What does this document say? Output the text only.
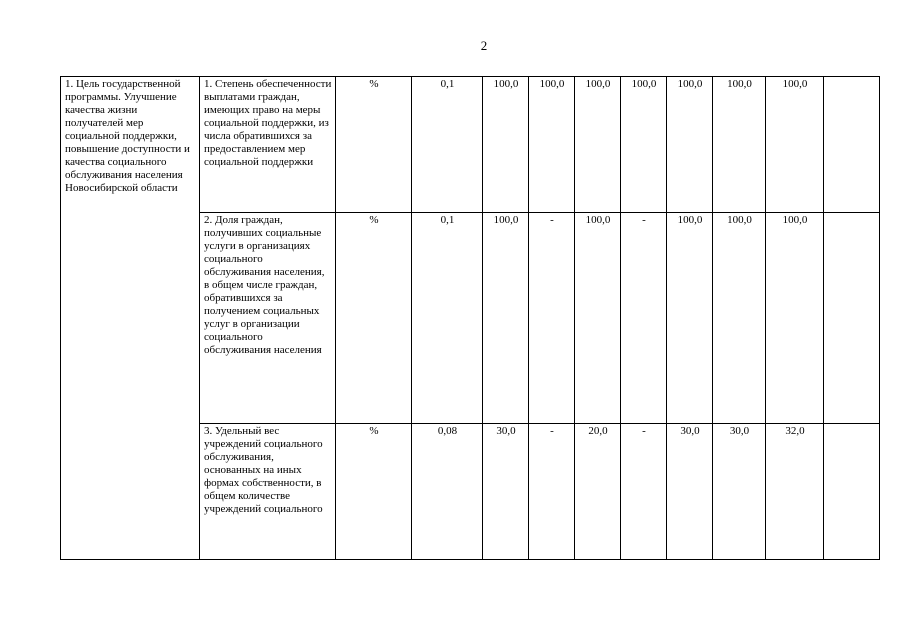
2
1. Цель государственной программы. Улучшение качества жизни получателей мер социальной поддержки, повышение доступности и качества социального обслуживания населения Новосибирской области	1. Степень обеспеченности выплатами граждан, имеющих право на меры социальной поддержки, из числа обратившихся за предоставлением мер социальной поддержки	%	0,1	100,0	100,0	100,0	100,0	100,0	100,0	100,0	
	2. Доля граждан, получивших социальные услуги в организациях социального обслуживания населения, в общем числе граждан, обратившихся за получением социальных услуг в организации социального обслуживания населения	%	0,1	100,0	-	100,0	-	100,0	100,0	100,0	
	3. Удельный вес учреждений социального обслуживания, основанных на иных формах собственности, в общем количестве учреждений социального	%	0,08	30,0	-	20,0	-	30,0	30,0	32,0	
